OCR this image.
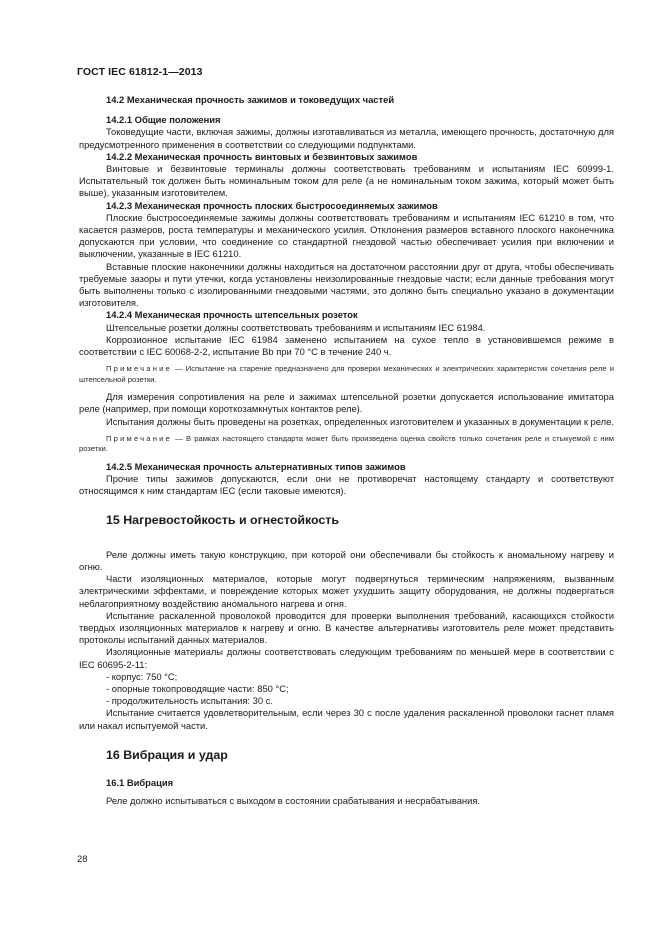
ГОСТ IEC 61812-1—2013

14.2 Механическая прочность зажимов и токоведущих частей

14.2.1 Общие положения

Токоведущие части, включая зажимы, должны изготавливаться из металла, имеющего прочность, достаточную для предусмотренного применения в соответствии со следующими подпунктами.

14.2.2 Механическая прочность винтовых и безвинтовых зажимов

Винтовые и безвинтовые терминалы должны соответствовать требованиям и испытаниям IEC 60999-1. Испытательный ток должен быть номинальным током для реле (а не номинальным током зажима, который может быть выше), указанным изготовителем.

14.2.3 Механическая прочность плоских быстросоединяемых зажимов

Плоские быстросоединяемые зажимы должны соответствовать требованиям и испытаниям IEC 61210 в том, что касается размеров, роста температуры и механического усилия. Отклонения размеров вставного плоского наконечника допускаются при условии, что соединение со стандартной гнездовой частью обеспечивает усилия при включении и выключении, указанные в IEC 61210.

Вставные плоские наконечники должны находиться на достаточном расстоянии друг от друга, чтобы обеспечивать требуемые зазоры и пути утечки, когда установлены неизолированные гнездовые части; если данные требования могут быть выполнены только с изолированными гнездовыми частями, это должно быть специально указано в документации изготовителя.

14.2.4 Механическая прочность штепсельных розеток

Штепсельные розетки должны соответствовать требованиям и испытаниям IEC 61984.

Коррозионное испытание IEC 61984 заменено испытанием на сухое тепло в установившемся режиме в соответствии с IEC 60068-2-2, испытание Bb при 70 °С в течение 240 ч.

Примечание — Испытание на старение предназначено для проверки механических и электрических характеристик сочетания реле и штепсельной розетки.

Для измерения сопротивления на реле и зажимах штепсельной розетки допускается использование имитатора реле (например, при помощи короткозамкнутых контактов реле).

Испытания должны быть проведены на розетках, определенных изготовителем и указанных в документации к реле.

Примечание — В рамках настоящего стандарта может быть произведена оценка свойств только сочетания реле и стыкуемой с ним розетки.

14.2.5 Механическая прочность альтернативных типов зажимов

Прочие типы зажимов допускаются, если они не противоречат настоящему стандарту и соответствуют относящимся к ним стандартам IEC (если таковые имеются).

15 Нагревостойкость и огнестойкость

Реле должны иметь такую конструкцию, при которой они обеспечивали бы стойкость к аномальному нагреву и огню.

Части изоляционных материалов, которые могут подвергнуться термическим напряжениям, вызванным электрическими эффектами, и повреждение которых может ухудшить защиту оборудования, не должны подвергаться неблагоприятному воздействию аномального нагрева и огня.

Испытание раскаленной проволокой проводится для проверки выполнения требований, касающихся стойкости твердых изоляционных материалов к нагреву и огню. В качестве альтернативы изготовитель реле может представить протоколы испытаний данных материалов.

Изоляционные материалы должны соответствовать следующим требованиям по меньшей мере в соответствии с IEC 60695-2-11:

- корпус: 750 °С;

- опорные токопроводящие части: 850 °С;

- продолжительность испытания: 30 с.

Испытание считается удовлетворительным, если через 30 с после удаления раскаленной проволоки гаснет пламя или накал испытуемой части.

16 Вибрация и удар

16.1 Вибрация

Реле должно испытываться с выходом в состоянии срабатывания и несрабатывания.

28
